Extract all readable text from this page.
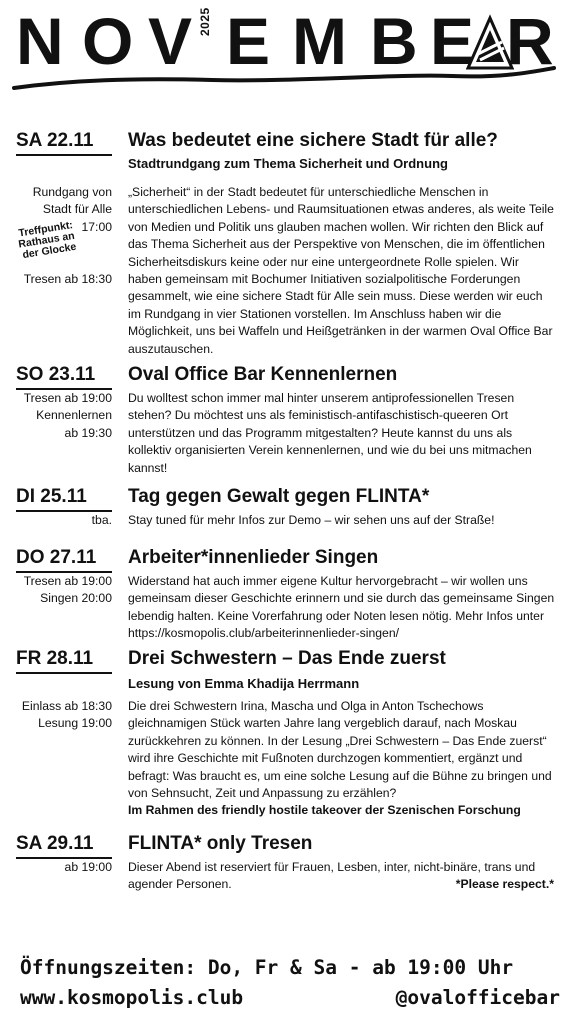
N O V E M B E R
2025
SA 22.11 Was bedeutet eine sichere Stadt für alle?
Stadtrundgang zum Thema Sicherheit und Ordnung
Rundgang von
Stadt für Alle
17:00

Tresen ab 18:30
Treffpunkt: Rathaus an der Glocke

„Sicherheit“ in der Stadt bedeutet für unterschiedliche Menschen in unterschiedlichen Lebens- und Raumsituationen etwas anderes, als weite Teile von Medien und Politik uns glauben machen wollen. Wir richten den Blick auf das Thema Sicherheit aus der Perspektive von Menschen, die im öffentlichen Sicherheitsdiskurs keine oder nur eine untergeordnete Rolle spielen. Wir haben gemeinsam mit Bochumer Initiativen sozialpolitische Forderungen gesammelt, wie eine sichere Stadt für Alle sein muss. Diese werden wir euch im Rundgang in vier Stationen vorstellen. Im Anschluss haben wir die Möglichkeit, uns bei Waffeln und Heißgetränken in der warmen Oval Office Bar auszutauschen.

SO 23.11 Oval Office Bar Kennenlernen
Tresen ab 19:00
Kennenlernen
ab 19:30

Du wolltest schon immer mal hinter unserem antiprofessionellen Tresen stehen? Du möchtest uns als feministisch-antifaschistisch-queeren Ort unterstützen und das Programm mitgestalten? Heute kannst du uns als kollektiv organisierten Verein kennenlernen, und wie du bei uns mitmachen kannst!

DI 25.11 Tag gegen Gewalt gegen FLINTA*
tba. Stay tuned für mehr Infos zur Demo – wir sehen uns auf der Straße!

DO 27.11 Arbeiter*innenlieder Singen
Tresen ab 19:00
Singen 20:00

Widerstand hat auch immer eigene Kultur hervorgebracht – wir wollen uns gemeinsam dieser Geschichte erinnern und sie durch das gemeinsame Singen lebendig halten. Keine Vorerfahrung oder Noten lesen nötig. Mehr Infos unter https://kosmopolis.club/arbeiterinnenlieder-singen/

FR 28.11 Drei Schwestern – Das Ende zuerst
Lesung von Emma Khadija Herrmann
Einlass ab 18:30
Lesung 19:00

Die drei Schwestern Irina, Mascha und Olga in Anton Tschechows gleichnamigen Stück warten Jahre lang vergeblich darauf, nach Moskau zurückkehren zu können. In der Lesung „Drei Schwestern – Das Ende zuerst“ wird ihre Geschichte mit Fußnoten durchzogen kommentiert, ergänzt und befragt: Was braucht es, um eine solche Lesung auf die Bühne zu bringen und von Sehnsucht, Zeit und Anpassung zu erzählen?

Im Rahmen des friendly hostile takeover der Szenischen Forschung

SA 29.11 FLINTA* only Tresen
ab 19:00 Dieser Abend ist reserviert für Frauen, Lesben, inter, nicht-binäre, trans und agender Personen.	*Please respect.*
Öffnungszeiten: Do, Fr & Sa - ab 19:00 Uhr
www.kosmopolis.club	@ovalofficebar
